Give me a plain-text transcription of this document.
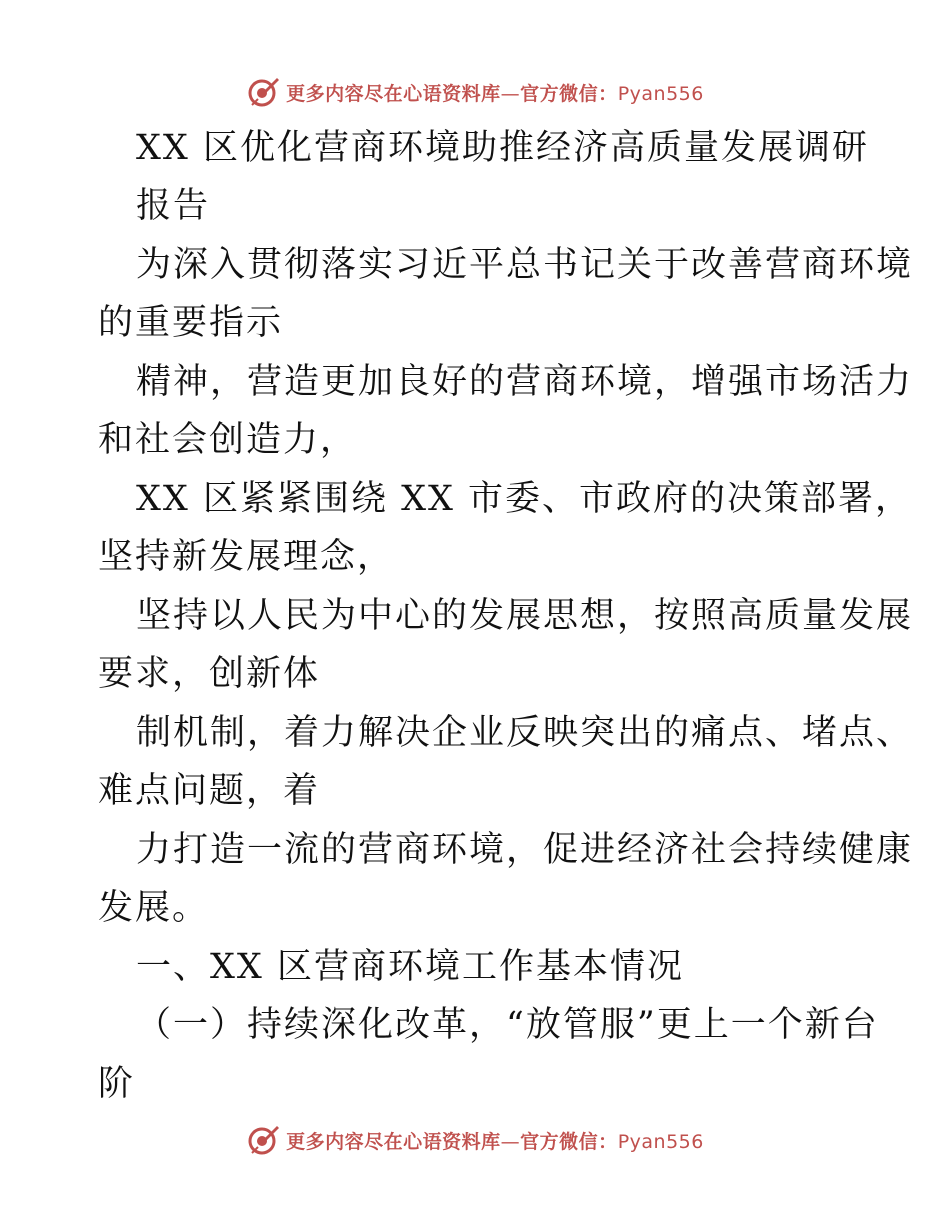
更多内容尽在心语资料库—官方微信：Pyan556
XX 区优化营商环境助推经济高质量发展调研
报告
为深入贯彻落实习近平总书记关于改善营商环境
的重要指示
精神，营造更加良好的营商环境，增强市场活力
和社会创造力，
XX 区紧紧围绕 XX 市委、市政府的决策部署，
坚持新发展理念，
坚持以人民为中心的发展思想，按照高质量发展
要求，创新体
制机制，着力解决企业反映突出的痛点、堵点、
难点问题，着
力打造一流的营商环境，促进经济社会持续健康
发展。
一、XX 区营商环境工作基本情况
（一）持续深化改革，“放管服”更上一个新台
阶
更多内容尽在心语资料库—官方微信：Pyan556
